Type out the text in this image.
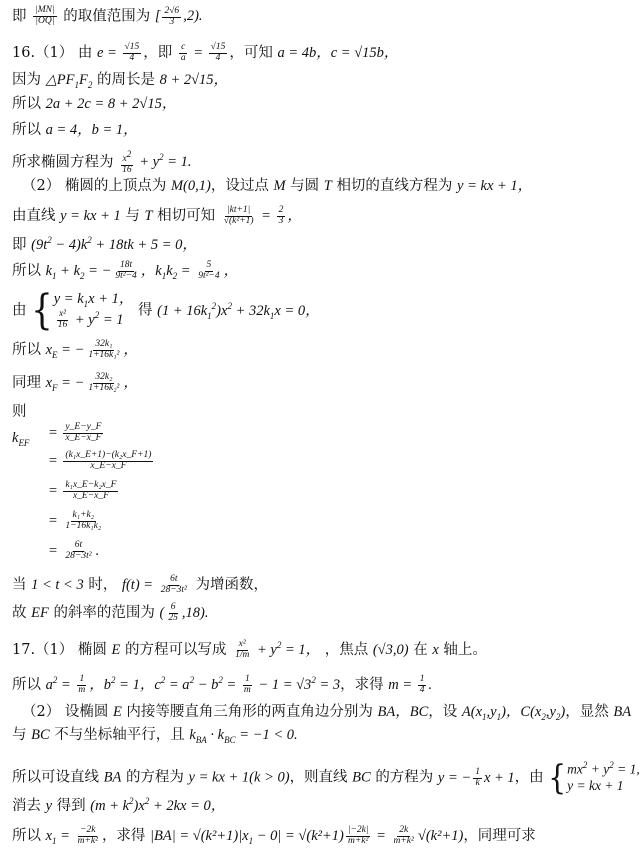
即 $\frac{|MN|}{|OQ|}$ 的取值范围为 [ $\frac{2√6}{3} ,2$).
16.（1） 由 $e = \frac{√15}{4}$ ，即 $\frac{c}{a} = \frac{√15}{4}$ ，可知 a = 4b，c = √15b，
因为 $\triangle PF_1F_2$ 的周长是 8 + 2√15，
所以 2a + 2c = 8 + 2√15，
所以 a = 4，b = 1，
所求椭圆方程为 $\frac{x^2}{16} + y^2 = 1$.
（2） 椭圆的上顶点为 M(0,1)，设过点 M 与圆 T 相切的直线方程为 y = kx + 1，
由直线 y = kx + 1 与 T 相切可知 $\frac{|kt+1|}{\text{√(k²+1)}} = \frac{2}{3}$ ，
即 $(9t^2 - 4)k^2 + 18tk + 5 = 0$，
所以 $k_1 + k_2$ = − $\frac{18t}{\text{9t²−4}}$ ，$k_1k_2 = \frac{5}{\text{9t²−4}}$ ，
由 { $y = k_1x + 1$，
$\frac{\text{x²}}{16} + y^2 = 1$
得 $(1 + 16k_1^2)x^2 + 32k_1x = 0$，
所以 $x_E$ = − $\frac{\text{32k₁}}{\text{1+16k₁²}}$ ，
同理 $x_F$ = − $\frac{\text{32k₂}}{\text{1+16k₂²}}$ ，
则
$k_{EF}$
= $\frac{y\_E-y\_F}{x\_E-x\_F}$
= $\frac{\text{(k₁x\_E+1)−(k₂x\_F+1)}}{x\_E-x\_F}$
= $\frac{\text{k₁x\_E−k₂x\_F}}{x\_E-x\_F}$
= $\frac{\text{k₁+k₂}}{\text{1−16k₁k₂}}$
= $\frac{6t}{\text{28−3t²}}$ .
当 1 < t < 3 时， $f(t) = \frac{6t}{\text{28−3t²}}$ 为增函数，
故 EF 的斜率的范围为 ( $\frac{6}{25} ,18$).
17.（1） 椭圆 E 的方程可以写成 $\frac{\text{x²}}{1/m} + y^2 = 1$， ，焦点 (√3,0) 在 x 轴上。
所以 $a^2 = \frac{1}{m}$ ，$b^2 = 1$，$c^2 = a^2 - b^2 = \frac{1}{m} - 1 = √3^2 = 3$，求得 $m = \frac{1}{4}$ .
（2） 设椭圆 E 内接等腰直角三角形的两直角边分别为 BA，BC，设 $A(x_1,y_1)$，$C(x_2,y_2)$，显然 BA
与 BC 不与坐标轴平行，且 $k_{BA} \cdot k_{BC} = -1 < 0$.
所以可设直线 BA 的方程为 y = kx + 1(k > 0)，则直线 BC 的方程为 y = − $\frac{1}{k}$ x + 1，由 { $mx^2 + y^2 = 1$,
y = kx + 1
消去 y 得到 $(m + k^2)x^2 + 2kx = 0$，
所以 $x_1 = \frac{-2k}{\text{m+k²}}$ ，求得 $|BA| = √(k^2+1)|x_1 - 0| = √(k^2+1) \frac{|-2k|}{\text{m+k²}} = \frac{2k}{\text{m+k²}} √(k^2+1)$，同理可求
